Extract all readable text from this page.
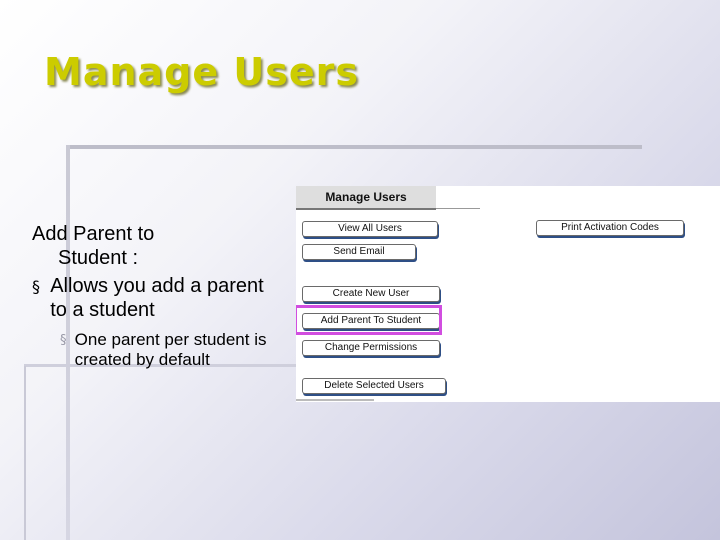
Manage Users
Add Parent to
Student :
§ Allows you add a parent to a student
§ One parent per student is created by default
Manage Users
View All Users	Print Activation Codes
Send Email
Create New User
Add Parent To Student
Change Permissions
Delete Selected Users
